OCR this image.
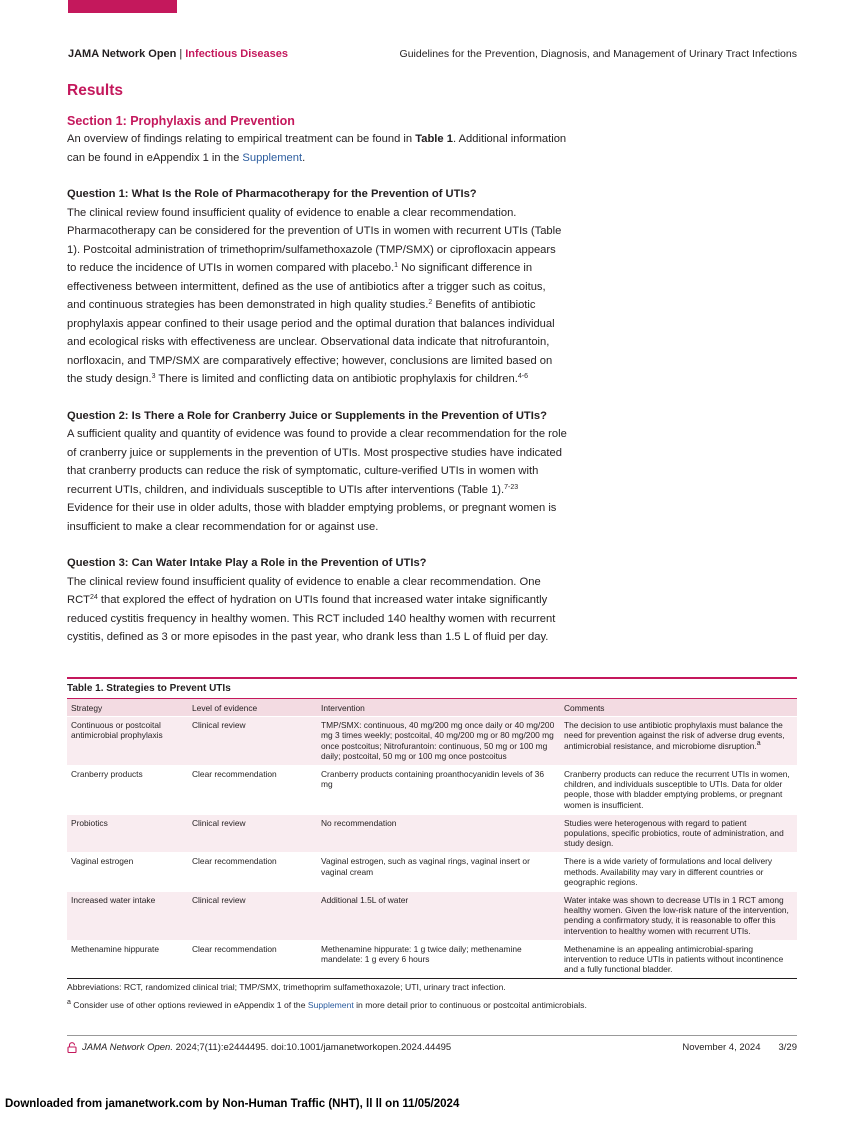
JAMA Network Open | Infectious Diseases	Guidelines for the Prevention, Diagnosis, and Management of Urinary Tract Infections
Results
Section 1: Prophylaxis and Prevention

An overview of findings relating to empirical treatment can be found in Table 1. Additional information can be found in eAppendix 1 in the Supplement.

Question 1: What Is the Role of Pharmacotherapy for the Prevention of UTIs?

The clinical review found insufficient quality of evidence to enable a clear recommendation. Pharmacotherapy can be considered for the prevention of UTIs in women with recurrent UTIs (Table 1). Postcoital administration of trimethoprim/sulfamethoxazole (TMP/SMX) or ciprofloxacin appears to reduce the incidence of UTIs in women compared with placebo.$^1$ No significant difference in effectiveness between intermittent, defined as the use of antibiotics after a trigger such as coitus, and continuous strategies has been demonstrated in high quality studies.$^2$ Benefits of antibiotic prophylaxis appear confined to their usage period and the optimal duration that balances individual and ecological risks with effectiveness are unclear. Observational data indicate that nitrofurantoin, norfloxacin, and TMP/SMX are comparatively effective; however, conclusions are limited based on the study design.$^3$ There is limited and conflicting data on antibiotic prophylaxis for children.$^{4-6}$

Question 2: Is There a Role for Cranberry Juice or Supplements in the Prevention of UTIs?

A sufficient quality and quantity of evidence was found to provide a clear recommendation for the role of cranberry juice or supplements in the prevention of UTIs. Most prospective studies have indicated that cranberry products can reduce the risk of symptomatic, culture-verified UTIs in women with recurrent UTIs, children, and individuals susceptible to UTIs after interventions (Table 1).$^{7-23}$ Evidence for their use in older adults, those with bladder emptying problems, or pregnant women is insufficient to make a clear recommendation for or against use.

Question 3: Can Water Intake Play a Role in the Prevention of UTIs?

The clinical review found insufficient quality of evidence to enable a clear recommendation. One RCT$^{24}$ that explored the effect of hydration on UTIs found that increased water intake significantly reduced cystitis frequency in healthy women. This RCT included 140 healthy women with recurrent cystitis, defined as 3 or more episodes in the past year, who drank less than 1.5 L of fluid per day.

Table 1. Strategies to Prevent UTIs
Strategy	Level of evidence	Intervention	Comments
Continuous or postcoital antimicrobial prophylaxis	Clinical review	TMP/SMX: continuous, 40 mg/200 mg once daily or 40 mg/200 mg 3 times weekly; postcoital, 40 mg/200 mg or 80 mg/200 mg once postcoitus; Nitrofurantoin: continuous, 50 mg or 100 mg daily; postcoital, 50 mg or 100 mg once postcoitus	The decision to use antibiotic prophylaxis must balance the need for prevention against the risk of adverse drug events, antimicrobial resistance, and microbiome disruption.$^a$
Cranberry products	Clear recommendation	Cranberry products containing proanthocyanidin levels of 36 mg	Cranberry products can reduce the recurrent UTIs in women, children, and individuals susceptible to UTIs. Data for older people, those with bladder emptying problems, or pregnant women is insufficient.
Probiotics	Clinical review	No recommendation	Studies were heterogenous with regard to patient populations, specific probiotics, route of administration, and study design.
Vaginal estrogen	Clear recommendation	Vaginal estrogen, such as vaginal rings, vaginal insert or vaginal cream	There is a wide variety of formulations and local delivery methods. Availability may vary in different countries or geographic regions.
Increased water intake	Clinical review	Additional 1.5L of water	Water intake was shown to decrease UTIs in 1 RCT among healthy women. Given the low-risk nature of the intervention, pending a confirmatory study, it is reasonable to offer this intervention to healthy women with recurrent UTIs.
Methenamine hippurate	Clear recommendation	Methenamine hippurate: 1 g twice daily; methenamine mandelate: 1 g every 6 hours	Methenamine is an appealing antimicrobial-sparing intervention to reduce UTIs in patients without incontinence and a fully functional bladder.
Abbreviations: RCT, randomized clinical trial; TMP/SMX, trimethoprim sulfamethoxazole; UTI, urinary tract infection.
$^a$ Consider use of other options reviewed in eAppendix 1 of the Supplement in more detail prior to continuous or postcoital antimicrobials.
JAMA Network Open. 2024;7(11):e2444495. doi:10.1001/jamanetworkopen.2024.44495	November 4, 2024 3/29
Downloaded from jamanetwork.com by Non-Human Traffic (NHT), ll ll on 11/05/2024
